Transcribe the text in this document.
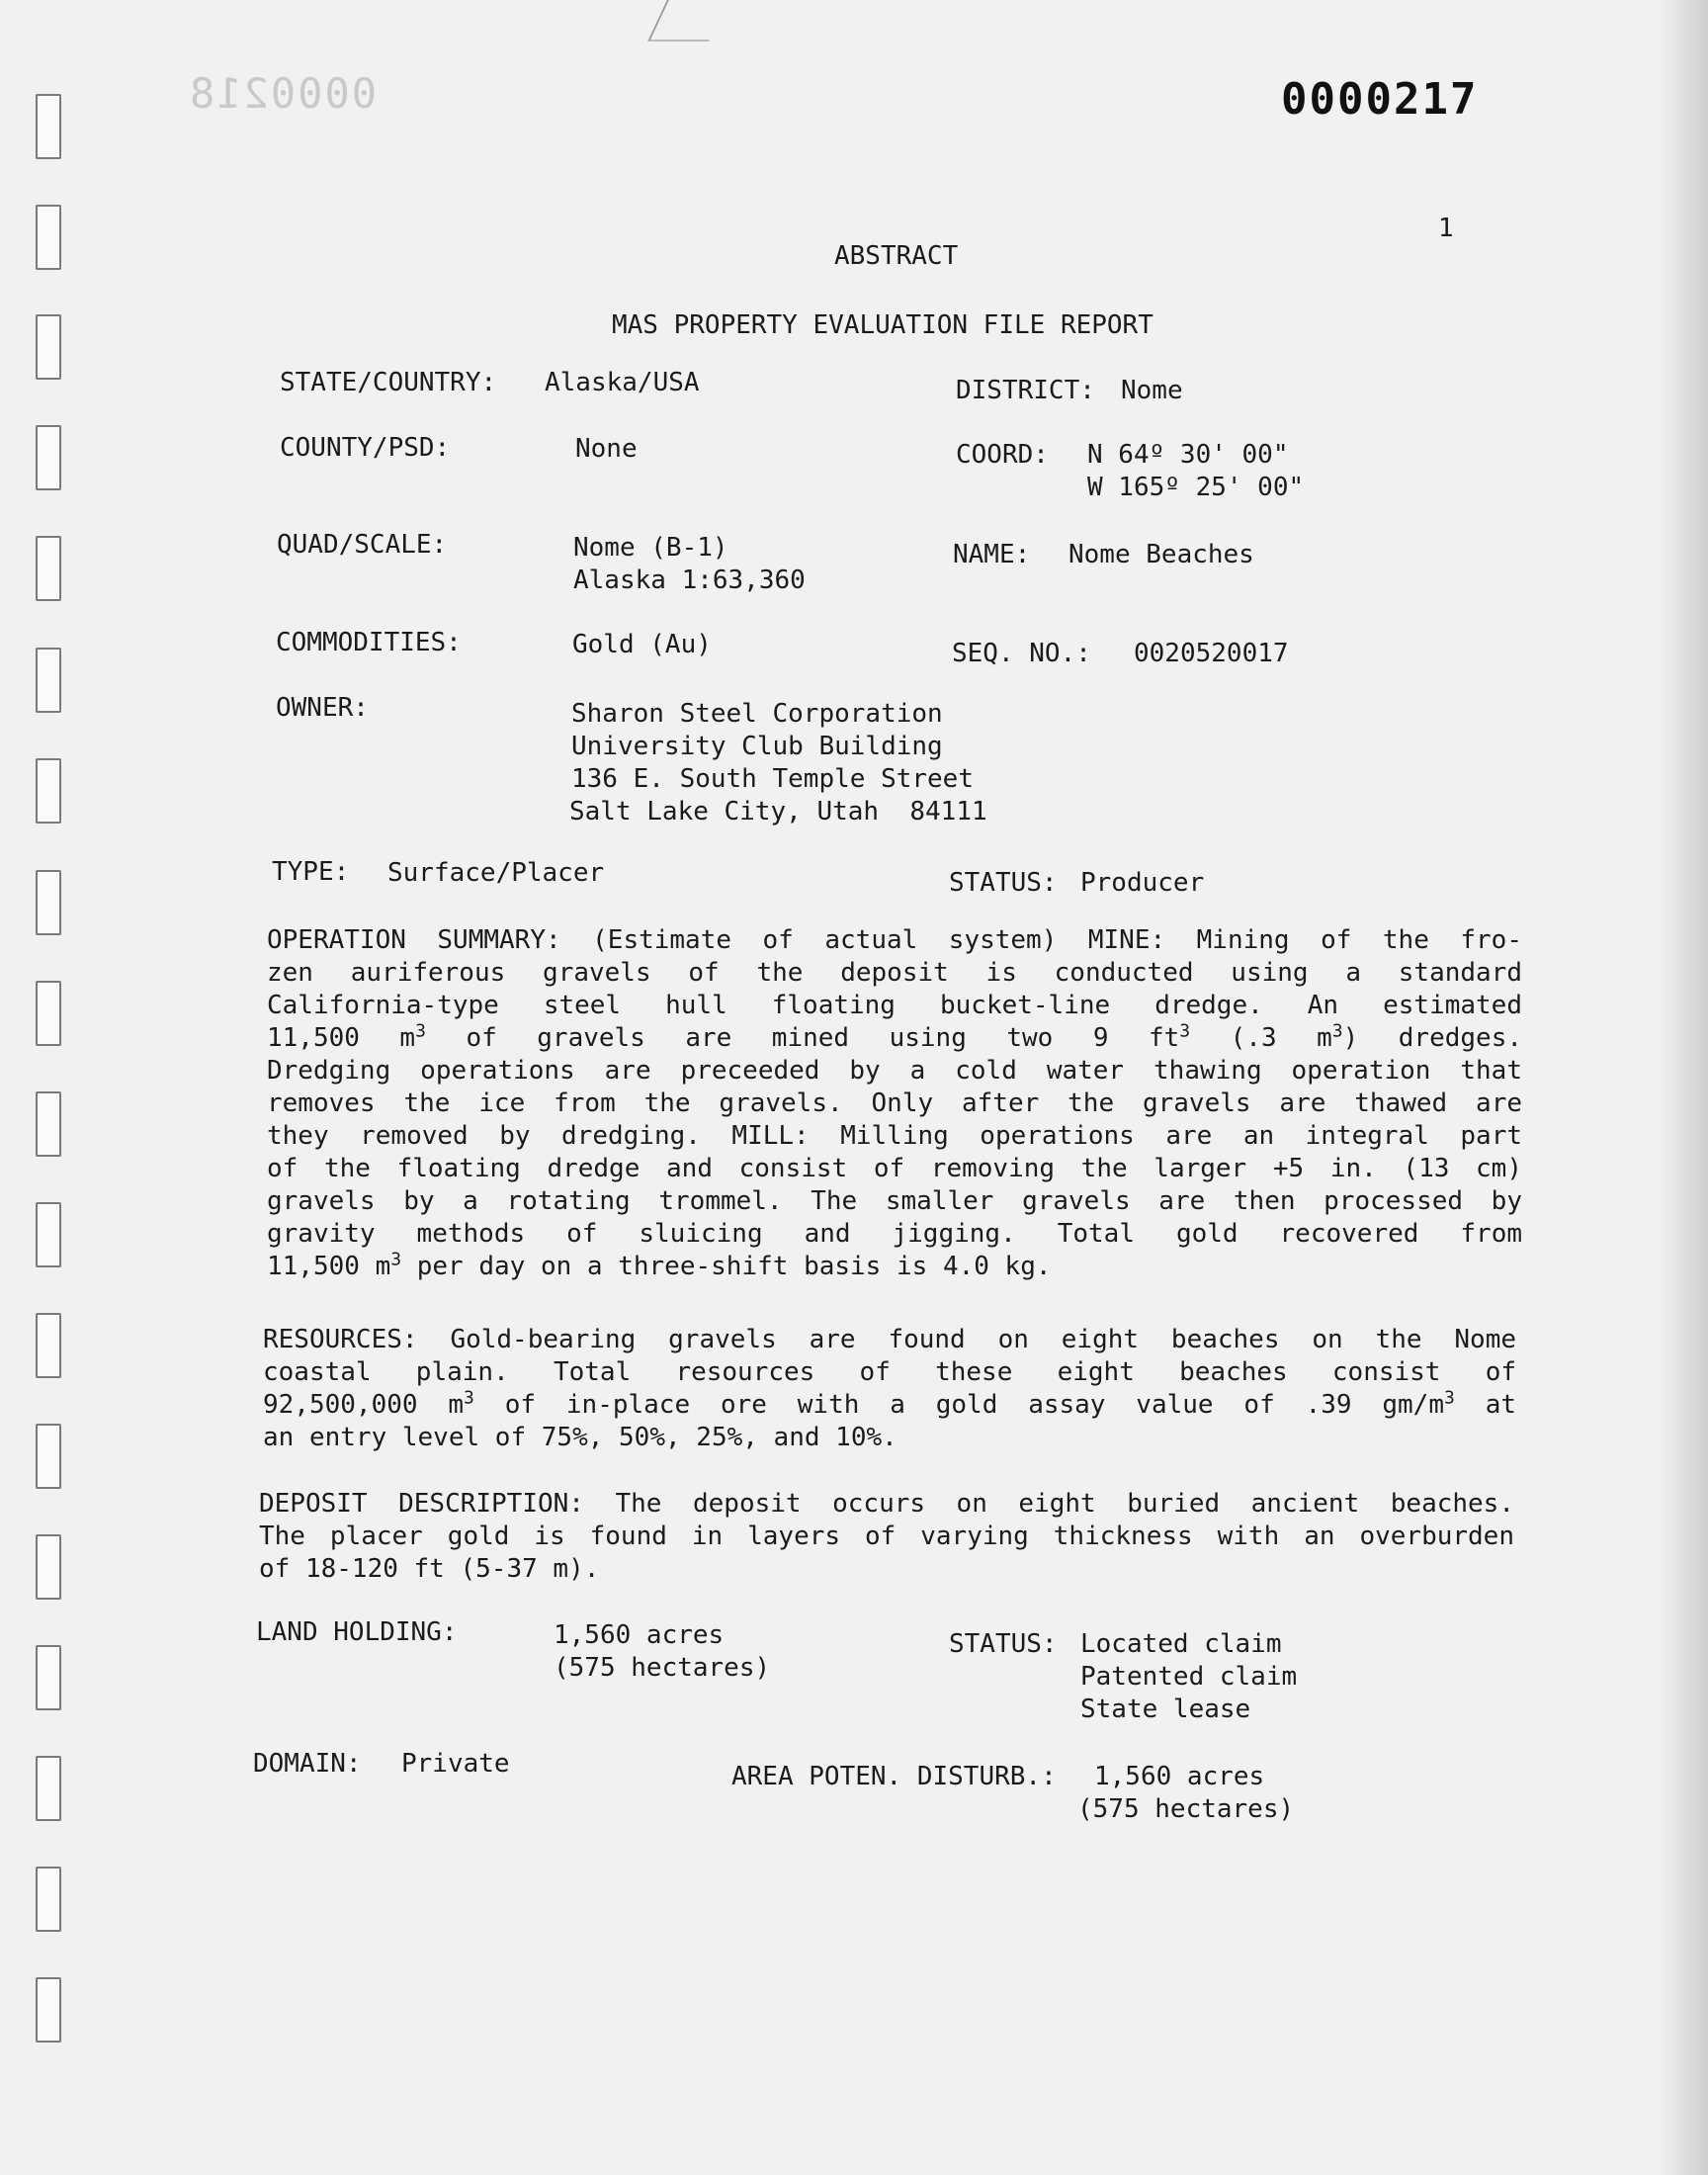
0000218	0000217
1
ABSTRACT
MAS PROPERTY EVALUATION FILE REPORT
STATE/COUNTRY: Alaska/USA	DISTRICT: Nome
COUNTY/PSD:	None	COORD: N 64º 30' 00"
W 165º 25' 00"
QUAD/SCALE:	Nome (B-1)
Alaska 1:63,360
NAME: Nome Beaches
COMMODITIES:	Gold (Au)	SEQ. NO.: 0020520017
OWNER:	Sharon Steel Corporation
University Club Building
136 E. South Temple Street
Salt Lake City, Utah  84111
TYPE: Surface/Placer	STATUS: Producer
OPERATION SUMMARY: (Estimate of actual system) MINE: Mining of the fro-
zen auriferous gravels of the deposit is conducted using a standard
California-type steel hull floating bucket-line dredge. An estimated
11,500 $m^3$ of gravels are mined using two 9 $ft^3$ (.3 $m^3$) dredges.
Dredging operations are preceeded by a cold water thawing operation that
removes the ice from the gravels. Only after the gravels are thawed are
they removed by dredging. MILL: Milling operations are an integral part
of the floating dredge and consist of removing the larger +5 in. (13 cm)
gravels by a rotating trommel. The smaller gravels are then processed by
gravity methods of sluicing and jigging. Total gold recovered from
11,500 $m^3$ per day on a three-shift basis is 4.0 kg.
RESOURCES: Gold-bearing gravels are found on eight beaches on the Nome
coastal plain. Total resources of these eight beaches consist of
92,500,000 $m^3$ of in-place ore with a gold assay value of .39 $gm/m^3$ at
an entry level of 75%, 50%, 25%, and 10%.
DEPOSIT DESCRIPTION: The deposit occurs on eight buried ancient beaches.
The placer gold is found in layers of varying thickness with an overburden
of 18-120 ft (5-37 m).
LAND HOLDING:	1,560 acres
(575 hectares)
STATUS: Located claim
Patented claim
State lease
DOMAIN: Private	AREA POTEN. DISTURB.: 1,560 acres
(575 hectares)
